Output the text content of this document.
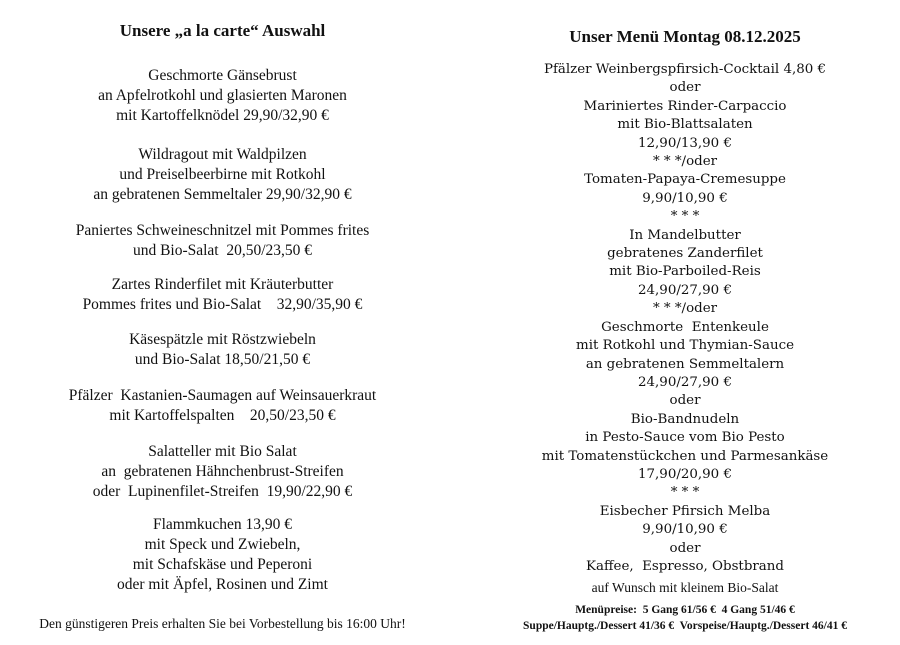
Unsere „a la carte“ Auswahl
Geschmorte Gänsebrust
an Apfelrotkohl und glasierten Maronen
mit Kartoffelknödel 29,90/32,90 €
Wildragout mit Waldpilzen
und Preiselbeerbirne mit Rotkohl
an gebratenen Semmeltaler 29,90/32,90 €
Paniertes Schweineschnitzel mit Pommes frites
und Bio-Salat  20,50/23,50 €
Zartes Rinderfilet mit Kräuterbutter
Pommes frites und Bio-Salat    32,90/35,90 €
Käsespätzle mit Röstzwiebeln
und Bio-Salat 18,50/21,50 €
Pfälzer  Kastanien-Saumagen auf Weinsauerkraut
mit Kartoffelspalten    20,50/23,50 €
Salatteller mit Bio Salat
an  gebratenen Hähnchenbrust-Streifen
oder  Lupinenfilet-Streifen  19,90/22,90 €
Flammkuchen 13,90 €
mit Speck und Zwiebeln,
mit Schafskäse und Peperoni
oder mit Äpfel, Rosinen und Zimt
Den günstigeren Preis erhalten Sie bei Vorbestellung bis 16:00 Uhr!
Unser Menü Montag 08.12.2025
Pfälzer Weinbergspfirsich-Cocktail 4,80 €
oder
Mariniertes Rinder-Carpaccio
mit Bio-Blattsalaten
12,90/13,90 €
* * */oder
Tomaten-Papaya-Cremesuppe
9,90/10,90 €
* * *
In Mandelbutter
gebratenes Zanderfilet
mit Bio-Parboiled-Reis
24,90/27,90 €
* * */oder
Geschmorte  Entenkeule
mit Rotkohl und Thymian-Sauce
an gebratenen Semmeltalern
24,90/27,90 €
oder
Bio-Bandnudeln
in Pesto-Sauce vom Bio Pesto
mit Tomatenstückchen und Parmesankäse
17,90/20,90 €
* * *
Eisbecher Pfirsich Melba
9,90/10,90 €
oder
Kaffee,  Espresso, Obstbrand
auf Wunsch mit kleinem Bio-Salat
Menüpreise:  5 Gang 61/56 €  4 Gang 51/46 €
Suppe/Hauptg./Dessert 41/36 €  Vorspeise/Hauptg./Dessert 46/41 €
